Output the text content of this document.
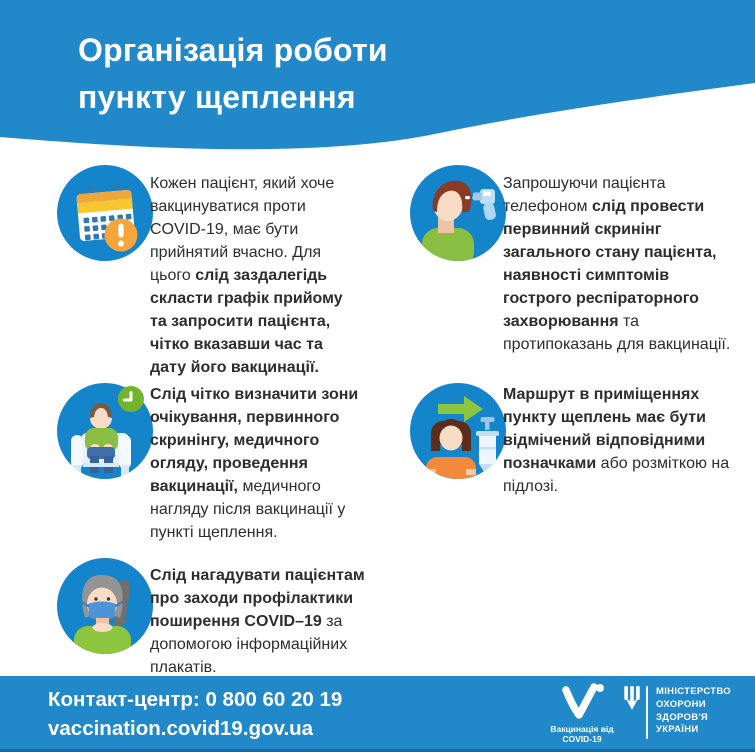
Організація роботи
пункту щеплення

Кожен пацієнт, який хоче вакцинуватися проти COVID-19, має бути прийнятий вчасно. Для цього слід заздалегідь скласти графік прийому та запросити пацієнта, чітко вказавши час та дату його вакцинації.

Запрошуючи пацієнта телефоном слід провести первинний скринінг загального стану пацієнта, наявності симптомів гострого респіраторного захворювання та протипоказань для вакцинації.

Слід чітко визначити зони очікування, первинного скринінгу, медичного огляду, проведення вакцинації, медичного нагляду після вакцинації у пункті щеплення.

Маршрут в приміщеннях пункту щеплень має бути відмічений відповідними позначками або розміткою на підлозі.

Слід нагадувати пацієнтам про заходи профілактики поширення COVID–19 за допомогою інформаційних плакатів.

Контакт-центр: 0 800 60 20 19
vaccination.covid19.gov.ua	Вакцинація від COVID-19
МІНІСТЕРСТВО
ОХОРОНИ
ЗДОРОВ'Я
УКРАЇНИ
